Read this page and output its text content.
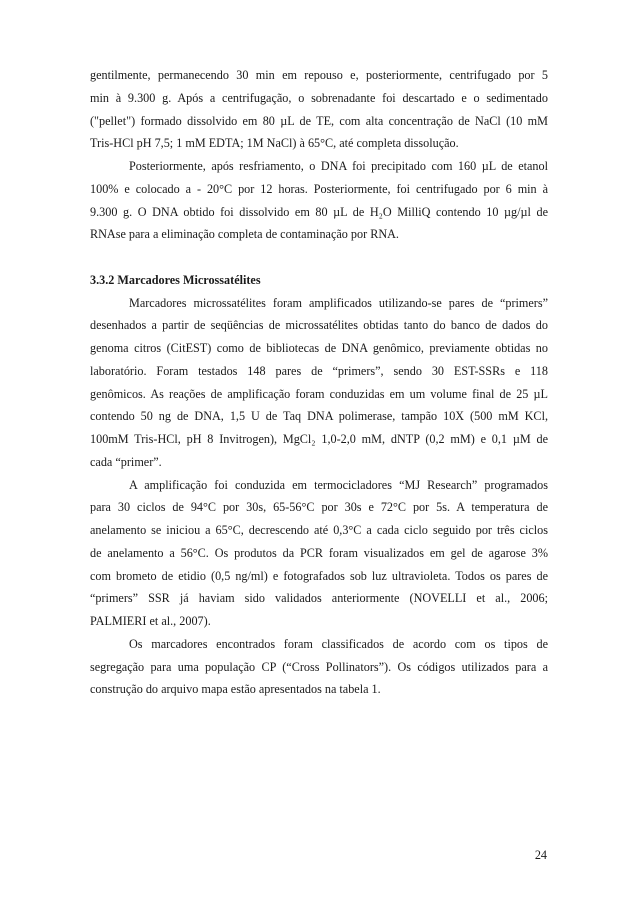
gentilmente, permanecendo 30 min em repouso e, posteriormente, centrifugado por 5
min à 9.300 g. Após a centrifugação, o sobrenadante foi descartado e o sedimentado
("pellet") formado dissolvido em 80 µL de TE, com alta concentração de NaCl (10 mM
Tris-HCl pH 7,5; 1 mM EDTA; 1M NaCl) à 65°C, até completa dissolução.
Posteriormente, após resfriamento, o DNA foi precipitado com 160 µL de etanol
100% e colocado a - 20°C por 12 horas. Posteriormente, foi centrifugado por 6 min à
9.300 g. O DNA obtido foi dissolvido em 80 µL de H₂O MilliQ contendo 10 µg/µl de
RNAse para a eliminação completa de contaminação por RNA.
3.3.2 Marcadores Microssatélites
Marcadores microssatélites foram amplificados utilizando-se pares de “primers”
desenhados a partir de seqüências de microssatélites obtidas tanto do banco de dados do
genoma citros (CitEST) como de bibliotecas de DNA genômico, previamente obtidas no
laboratório. Foram testados 148 pares de “primers”, sendo 30 EST-SSRs e 118
genômicos. As reações de amplificação foram conduzidas em um volume final de 25 µL
contendo 50 ng de DNA, 1,5 U de Taq DNA polimerase, tampão 10X (500 mM KCl,
100mM Tris-HCl, pH 8 Invitrogen), MgCl₂ 1,0-2,0 mM, dNTP (0,2 mM) e 0,1 µM de
cada “primer”.
A amplificação foi conduzida em termocicladores “MJ Research” programados
para 30 ciclos de 94°C por 30s, 65-56°C por 30s e 72°C por 5s. A temperatura de
anelamento se iniciou a 65°C, decrescendo até 0,3°C a cada ciclo seguido por três ciclos
de anelamento a 56°C. Os produtos da PCR foram visualizados em gel de agarose 3%
com brometo de etidio (0,5 ng/ml) e fotografados sob luz ultravioleta. Todos os pares de
“primers” SSR já haviam sido validados anteriormente (NOVELLI et al., 2006;
PALMIERI et al., 2007).
Os marcadores encontrados foram classificados de acordo com os tipos de
segregação para uma população CP (“Cross Pollinators”). Os códigos utilizados para a
construção do arquivo mapa estão apresentados na tabela 1.
24
